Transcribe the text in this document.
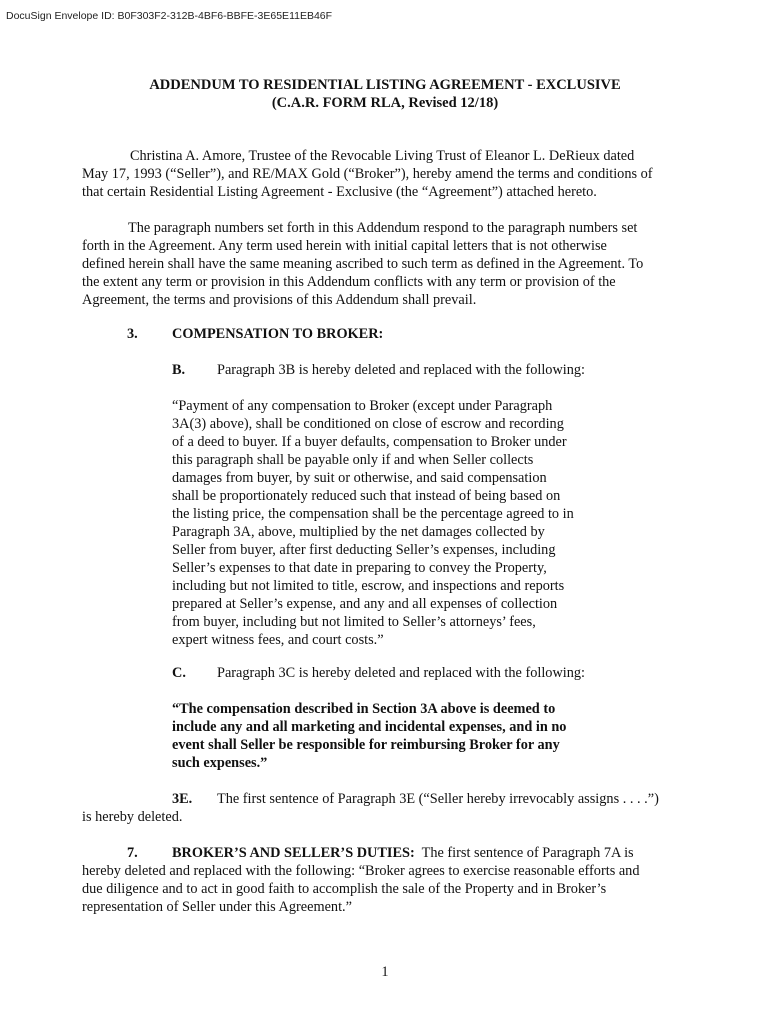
DocuSign Envelope ID: B0F303F2-312B-4BF6-BBFE-3E65E11EB46F
ADDENDUM TO RESIDENTIAL LISTING AGREEMENT - EXCLUSIVE
(C.A.R. FORM RLA, Revised 12/18)
Christina A. Amore, Trustee of the Revocable Living Trust of Eleanor L. DeRieux dated
May 17, 1993 (“Seller”), and RE/MAX Gold (“Broker”), hereby amend the terms and conditions of
that certain Residential Listing Agreement - Exclusive (the “Agreement”) attached hereto.
The paragraph numbers set forth in this Addendum respond to the paragraph numbers set
forth in the Agreement. Any term used herein with initial capital letters that is not otherwise
defined herein shall have the same meaning ascribed to such term as defined in the Agreement. To
the extent any term or provision in this Addendum conflicts with any term or provision of the
Agreement, the terms and provisions of this Addendum shall prevail.
3. COMPENSATION TO BROKER:
B. Paragraph 3B is hereby deleted and replaced with the following:
“Payment of any compensation to Broker (except under Paragraph
3A(3) above), shall be conditioned on close of escrow and recording
of a deed to buyer. If a buyer defaults, compensation to Broker under
this paragraph shall be payable only if and when Seller collects
damages from buyer, by suit or otherwise, and said compensation
shall be proportionately reduced such that instead of being based on
the listing price, the compensation shall be the percentage agreed to in
Paragraph 3A, above, multiplied by the net damages collected by
Seller from buyer, after first deducting Seller’s expenses, including
Seller’s expenses to that date in preparing to convey the Property,
including but not limited to title, escrow, and inspections and reports
prepared at Seller’s expense, and any and all expenses of collection
from buyer, including but not limited to Seller’s attorneys’ fees,
expert witness fees, and court costs.”
C. Paragraph 3C is hereby deleted and replaced with the following:
“The compensation described in Section 3A above is deemed to
include any and all marketing and incidental expenses, and in no
event shall Seller be responsible for reimbursing Broker for any
such expenses.”
3E. The first sentence of Paragraph 3E (“Seller hereby irrevocably assigns . . . .”)
is hereby deleted.
7. BROKER’S AND SELLER’S DUTIES: The first sentence of Paragraph 7A is
hereby deleted and replaced with the following: “Broker agrees to exercise reasonable efforts and
due diligence and to act in good faith to accomplish the sale of the Property and in Broker’s
representation of Seller under this Agreement.”
1
